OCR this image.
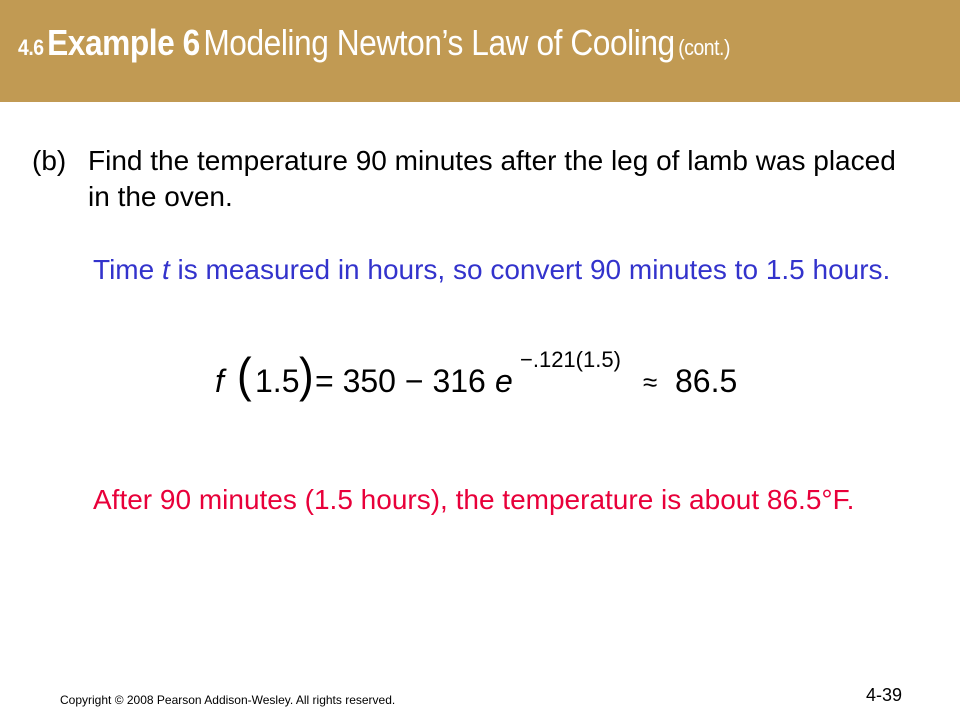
4.6 Example 6 Modeling Newton’s Law of Cooling (cont.)
(b) Find the temperature 90 minutes after the leg of lamb was placed in the oven.
Time t is measured in hours, so convert 90 minutes to 1.5 hours.
f ( 1.5 ) = 350 − 316 e
−.121(1.5)
≈ 86.5
After 90 minutes (1.5 hours), the temperature is about 86.5°F.
Copyright © 2008 Pearson Addison-Wesley. All rights reserved.	4-39
